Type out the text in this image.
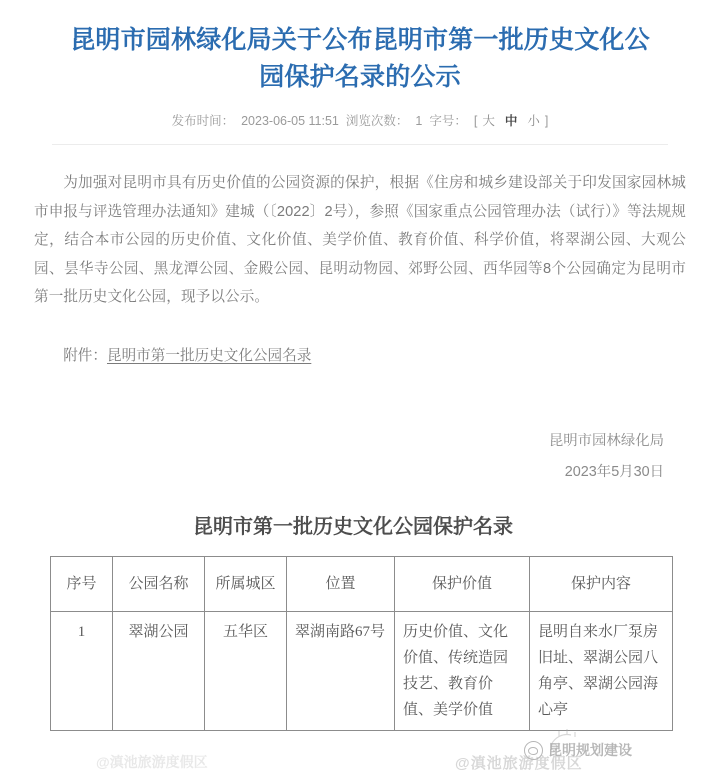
昆明市园林绿化局关于公布昆明市第一批历史文化公园保护名录的公示
发布时间： 2023-06-05 11:51 浏览次数： 1 字号： [ 大 中 小 ]

为加强对昆明市具有历史价值的公园资源的保护，根据《住房和城乡建设部关于印发国家园林城市申报与评选管理办法通知》建城（〔2022〕2号），参照《国家重点公园管理办法（试行）》等法规规定，结合本市公园的历史价值、文化价值、美学价值、教育价值、科学价值，将翠湖公园、大观公园、昙华寺公园、黑龙潭公园、金殿公园、昆明动物园、郊野公园、西华园等8个公园确定为昆明市第一批历史文化公园，现予以公示。

附件：昆明市第一批历史文化公园名录
昆明市园林绿化局
2023年5月30日
昆明市第一批历史文化公园保护名录
序号	公园名称	所属城区	位置	保护价值	保护内容
1	翠湖公园	五华区	翠湖南路67号	历史价值、文化价值、传统造园技艺、教育价值、美学价值	昆明自来水厂泵房旧址、翠湖公园八角亭、翠湖公园海心亭
昆明规划建设
@滇池旅游度假区
@滇池旅游度假区
